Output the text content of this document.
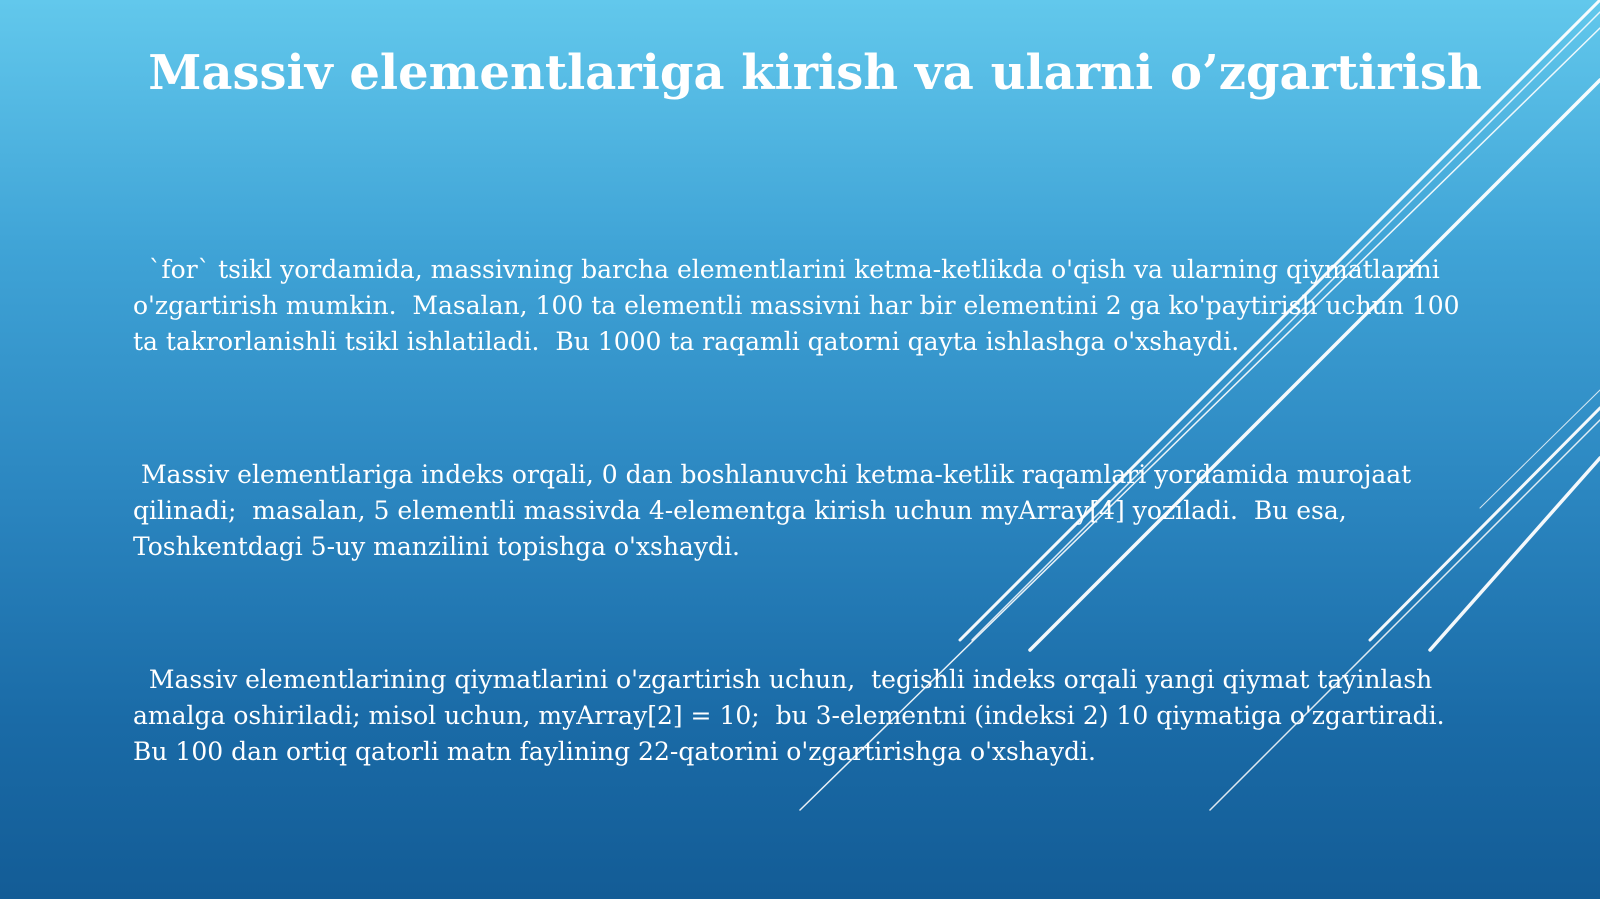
Massiv elementlariga kirish va ularni o’zgartirish

`for` tsikl yordamida, massivning barcha elementlarini ketma-ketlikda o'qish va ularning qiymatlarini o'zgartirish mumkin.  Masalan, 100 ta elementli massivni har bir elementini 2 ga ko'paytirish uchun 100 ta takrorlanishli tsikl ishlatiladi.  Bu 1000 ta raqamli qatorni qayta ishlashga o'xshaydi.

Massiv elementlariga indeks orqali, 0 dan boshlanuvchi ketma-ketlik raqamlari yordamida murojaat qilinadi;  masalan, 5 elementli massivda 4-elementga kirish uchun myArray[4] yoziladi.  Bu esa, Toshkentdagi 5-uy manzilini topishga o'xshaydi.

Massiv elementlarining qiymatlarini o'zgartirish uchun,  tegishli indeks orqali yangi qiymat tayinlash amalga oshiriladi; misol uchun, myArray[2] = 10;  bu 3-elementni (indeksi 2) 10 qiymatiga o'zgartiradi.  Bu 100 dan ortiq qatorli matn faylining 22-qatorini o'zgartirishga o'xshaydi.
